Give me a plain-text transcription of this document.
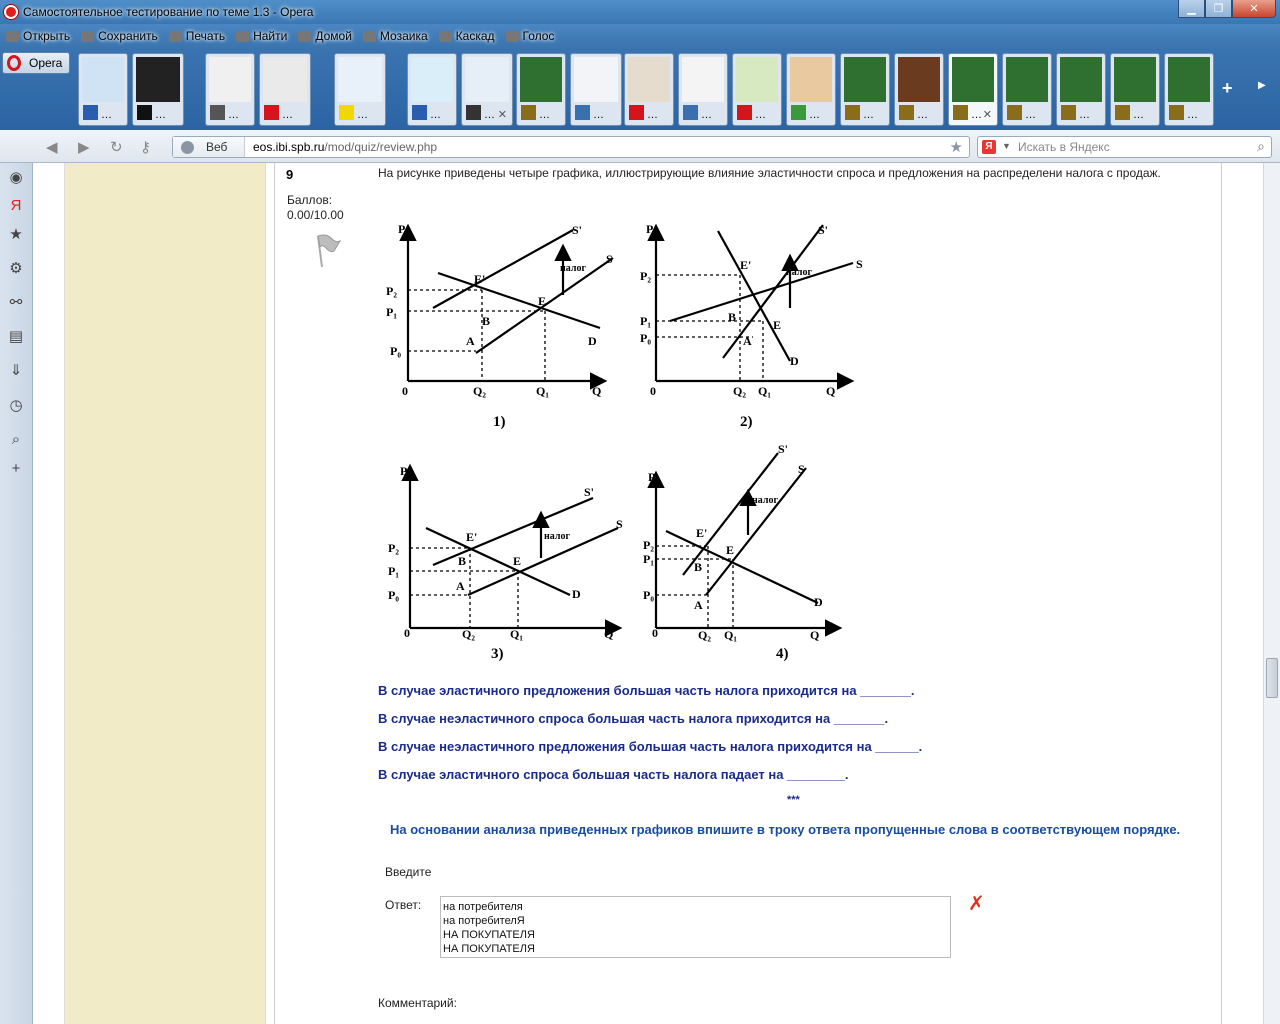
Самостоятельное тестирование по теме 1.3 - Opera	▁	❐	✕
Открыть Сохранить Печать Найти Домой Мозаика Каскад Голос
Opera
…	…	…	…	…	…	… ✕	…	…	…	…	…	…	…	…	… ✕	…	…	…	…
+	▶
◀ ▶ ↻ ⚷	Веб eos.ibi.spb.ru/mod/quiz/review.php	★	Я	▼ Искать в Яндекс	⌕
◉
Я
★
⚙
⚯
▤
⇓
◷
⌕
+
9
Баллов:
0.00/10.00
На рисунке приведены четыре графика, иллюстрирующие влияние эластичности спроса и предложения на распределени налога с продаж.
P
Q
0
P₂
P₁
P₀
Q₂	Q₁
S'
S
D
E'
E
B
A
налог
1)
P
Q
0
P₂
P₁
P₀
Q₂ Q₁
S'
S
D
E'
E
B
A
налог
2)
P
Q
0
P₂
P₁
P₀
Q₂	Q₁
S'
S
D
E'
E
B
A
налог
3)
P
Q
0
P₂
P₁
P₀
Q₂ Q₁
S'
S
D
E'
E
B
A
налог
4)
В случае эластичного предложения большая часть налога приходится на _______.
В случае неэластичного спроса большая часть налога приходится на _______.
В случае неэластичного предложения большая часть налога приходится на ______.
В случае эластичного спроса большая часть налога падает на ________.
***
На основании анализа приведенных графиков впишите в троку ответа пропущенные слова в соответствующем порядке.
Введите
Ответ: на потребителя
на потребителЯ
НА ПОКУПАТЕЛЯ
НА ПОКУПАТЕЛЯ
✗
Комментарий:
